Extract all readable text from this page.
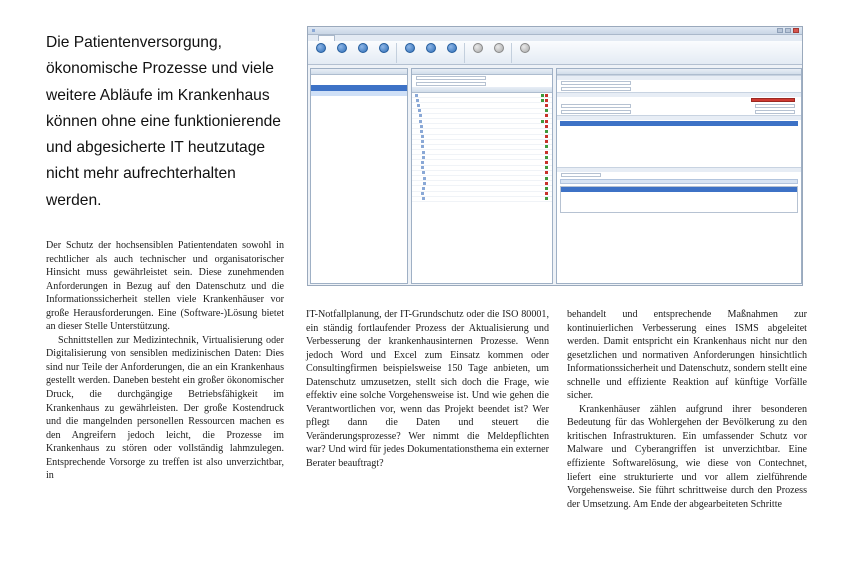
Die Patientenversorgung, ökonomische Prozesse und viele weitere Abläufe im Krankenhaus können ohne eine funktionierende und abgesicherte IT heutzutage nicht mehr aufrechterhalten werden.

Der Schutz der hochsensiblen Patientendaten sowohl in rechtlicher als auch technischer und organisatorischer Hinsicht muss gewährleistet sein. Diese zunehmenden Anforderungen in Bezug auf den Datenschutz und die Informationssicherheit stellen viele Krankenhäuser vor große Herausforderungen. Eine (Software-)Lösung bietet an dieser Stelle Unterstützung.

Schnittstellen zur Medizintechnik, Virtualisierung oder Digitalisierung von sensiblen medizinischen Daten: Dies sind nur Teile der Anforderungen, die an ein Krankenhaus gestellt werden. Daneben besteht ein großer ökonomischer Druck, die durchgängige Betriebsfähigkeit im Krankenhaus zu gewährleisten. Der große Kostendruck und die mangelnden personellen Ressourcen machen es den Angreifern jedoch leicht, die Prozesse im Krankenhaus zu stören oder vollständig lahmzulegen. Entsprechende Vorsorge zu treffen ist also unverzichtbar, in

IT-Notfallplanung, der IT-Grundschutz oder die ISO 80001, ein ständig fortlaufender Prozess der Aktualisierung und Verbesserung der krankenhausinternen Prozesse. Wenn jedoch Word und Excel zum Einsatz kommen oder Consultingfirmen beispielsweise 150 Tage anbieten, um Datenschutz umzusetzen, stellt sich doch die Frage, wie effektiv eine solche Vorgehensweise ist. Und wie gehen die Verantwortlichen vor, wenn das Projekt beendet ist? Wer pflegt dann die Daten und steuert die Veränderungsprozesse? Wer nimmt die Meldepflichten war? Und wird für jedes Dokumentationsthema ein externer Berater beauftragt?

behandelt und entsprechende Maßnahmen zur kontinuierlichen Verbesserung eines ISMS abgeleitet werden. Damit entspricht ein Krankenhaus nicht nur den gesetzlichen und normativen Anforderungen hinsichtlich Informationssicherheit und Datenschutz, sondern stellt eine schnelle und effiziente Reaktion auf künftige Vorfälle sicher.

Krankenhäuser zählen aufgrund ihrer besonderen Bedeutung für das Wohlergehen der Bevölkerung zu den kritischen Infrastrukturen. Ein umfassender Schutz vor Malware und Cyberangriffen ist unverzichtbar. Eine effiziente Softwarelösung, wie diese von Contechnet, liefert eine strukturierte und vor allem zielführende Vorgehensweise. Sie führt schrittweise durch den Prozess der Umsetzung. Am Ende der abgearbeiteten Schritte
